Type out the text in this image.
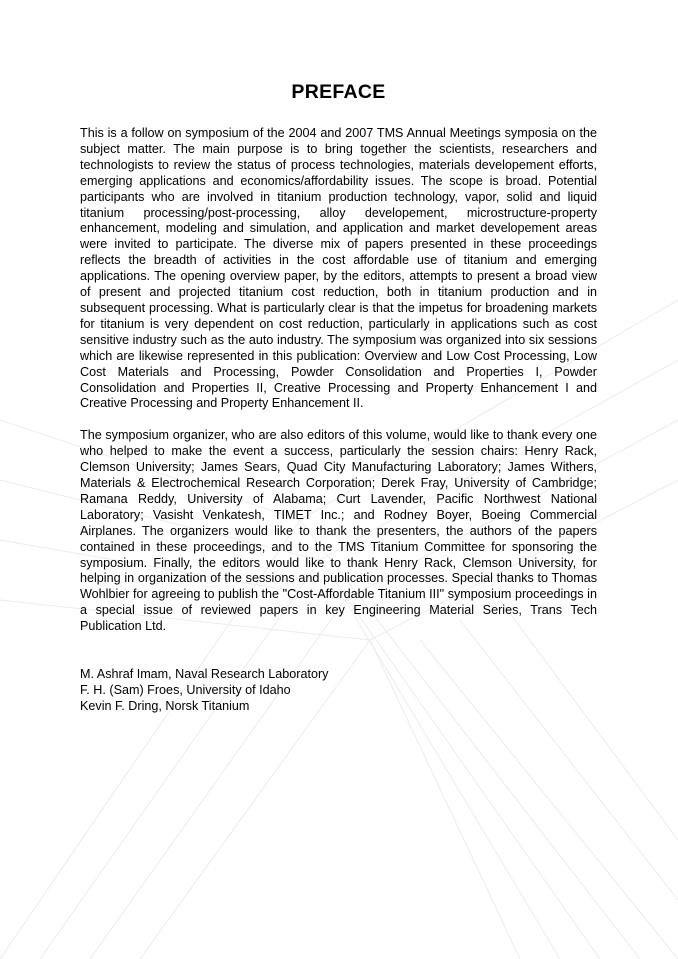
PREFACE

This is a follow on symposium of the 2004 and 2007 TMS Annual Meetings symposia on the subject matter. The main purpose is to bring together the scientists, researchers and technologists to review the status of process technologies, materials developement efforts, emerging applications and economics/affordability issues. The scope is broad. Potential participants who are involved in titanium production technology, vapor, solid and liquid titanium processing/post-processing, alloy developement, microstructure-property enhancement, modeling and simulation, and application and market developement areas were invited to participate. The diverse mix of papers presented in these proceedings reflects the breadth of activities in the cost affordable use of titanium and emerging applications. The opening overview paper, by the editors, attempts to present a broad view of present and projected titanium cost reduction, both in titanium production and in subsequent processing. What is particularly clear is that the impetus for broadening markets for titanium is very dependent on cost reduction, particularly in applications such as cost sensitive industry such as the auto industry. The symposium was organized into six sessions which are likewise represented in this publication: Overview and Low Cost Processing, Low Cost Materials and Processing, Powder Consolidation and Properties I, Powder Consolidation and Properties II, Creative Processing and Property Enhancement I and Creative Processing and Property Enhancement II.

The symposium organizer, who are also editors of this volume, would like to thank every one who helped to make the event a success, particularly the session chairs: Henry Rack, Clemson University; James Sears, Quad City Manufacturing Laboratory; James Withers, Materials & Electrochemical Research Corporation; Derek Fray, University of Cambridge; Ramana Reddy, University of Alabama; Curt Lavender, Pacific Northwest National Laboratory; Vasisht Venkatesh, TIMET Inc.; and Rodney Boyer, Boeing Commercial Airplanes. The organizers would like to thank the presenters, the authors of the papers contained in these proceedings, and to the TMS Titanium Committee for sponsoring the symposium. Finally, the editors would like to thank Henry Rack, Clemson University, for helping in organization of the sessions and publication processes. Special thanks to Thomas Wohlbier for agreeing to publish the "Cost-Affordable Titanium III" symposium proceedings in a special issue of reviewed papers in key Engineering Material Series, Trans Tech Publication Ltd.

M. Ashraf Imam, Naval Research Laboratory
F. H. (Sam) Froes, University of Idaho
Kevin F. Dring, Norsk Titanium
